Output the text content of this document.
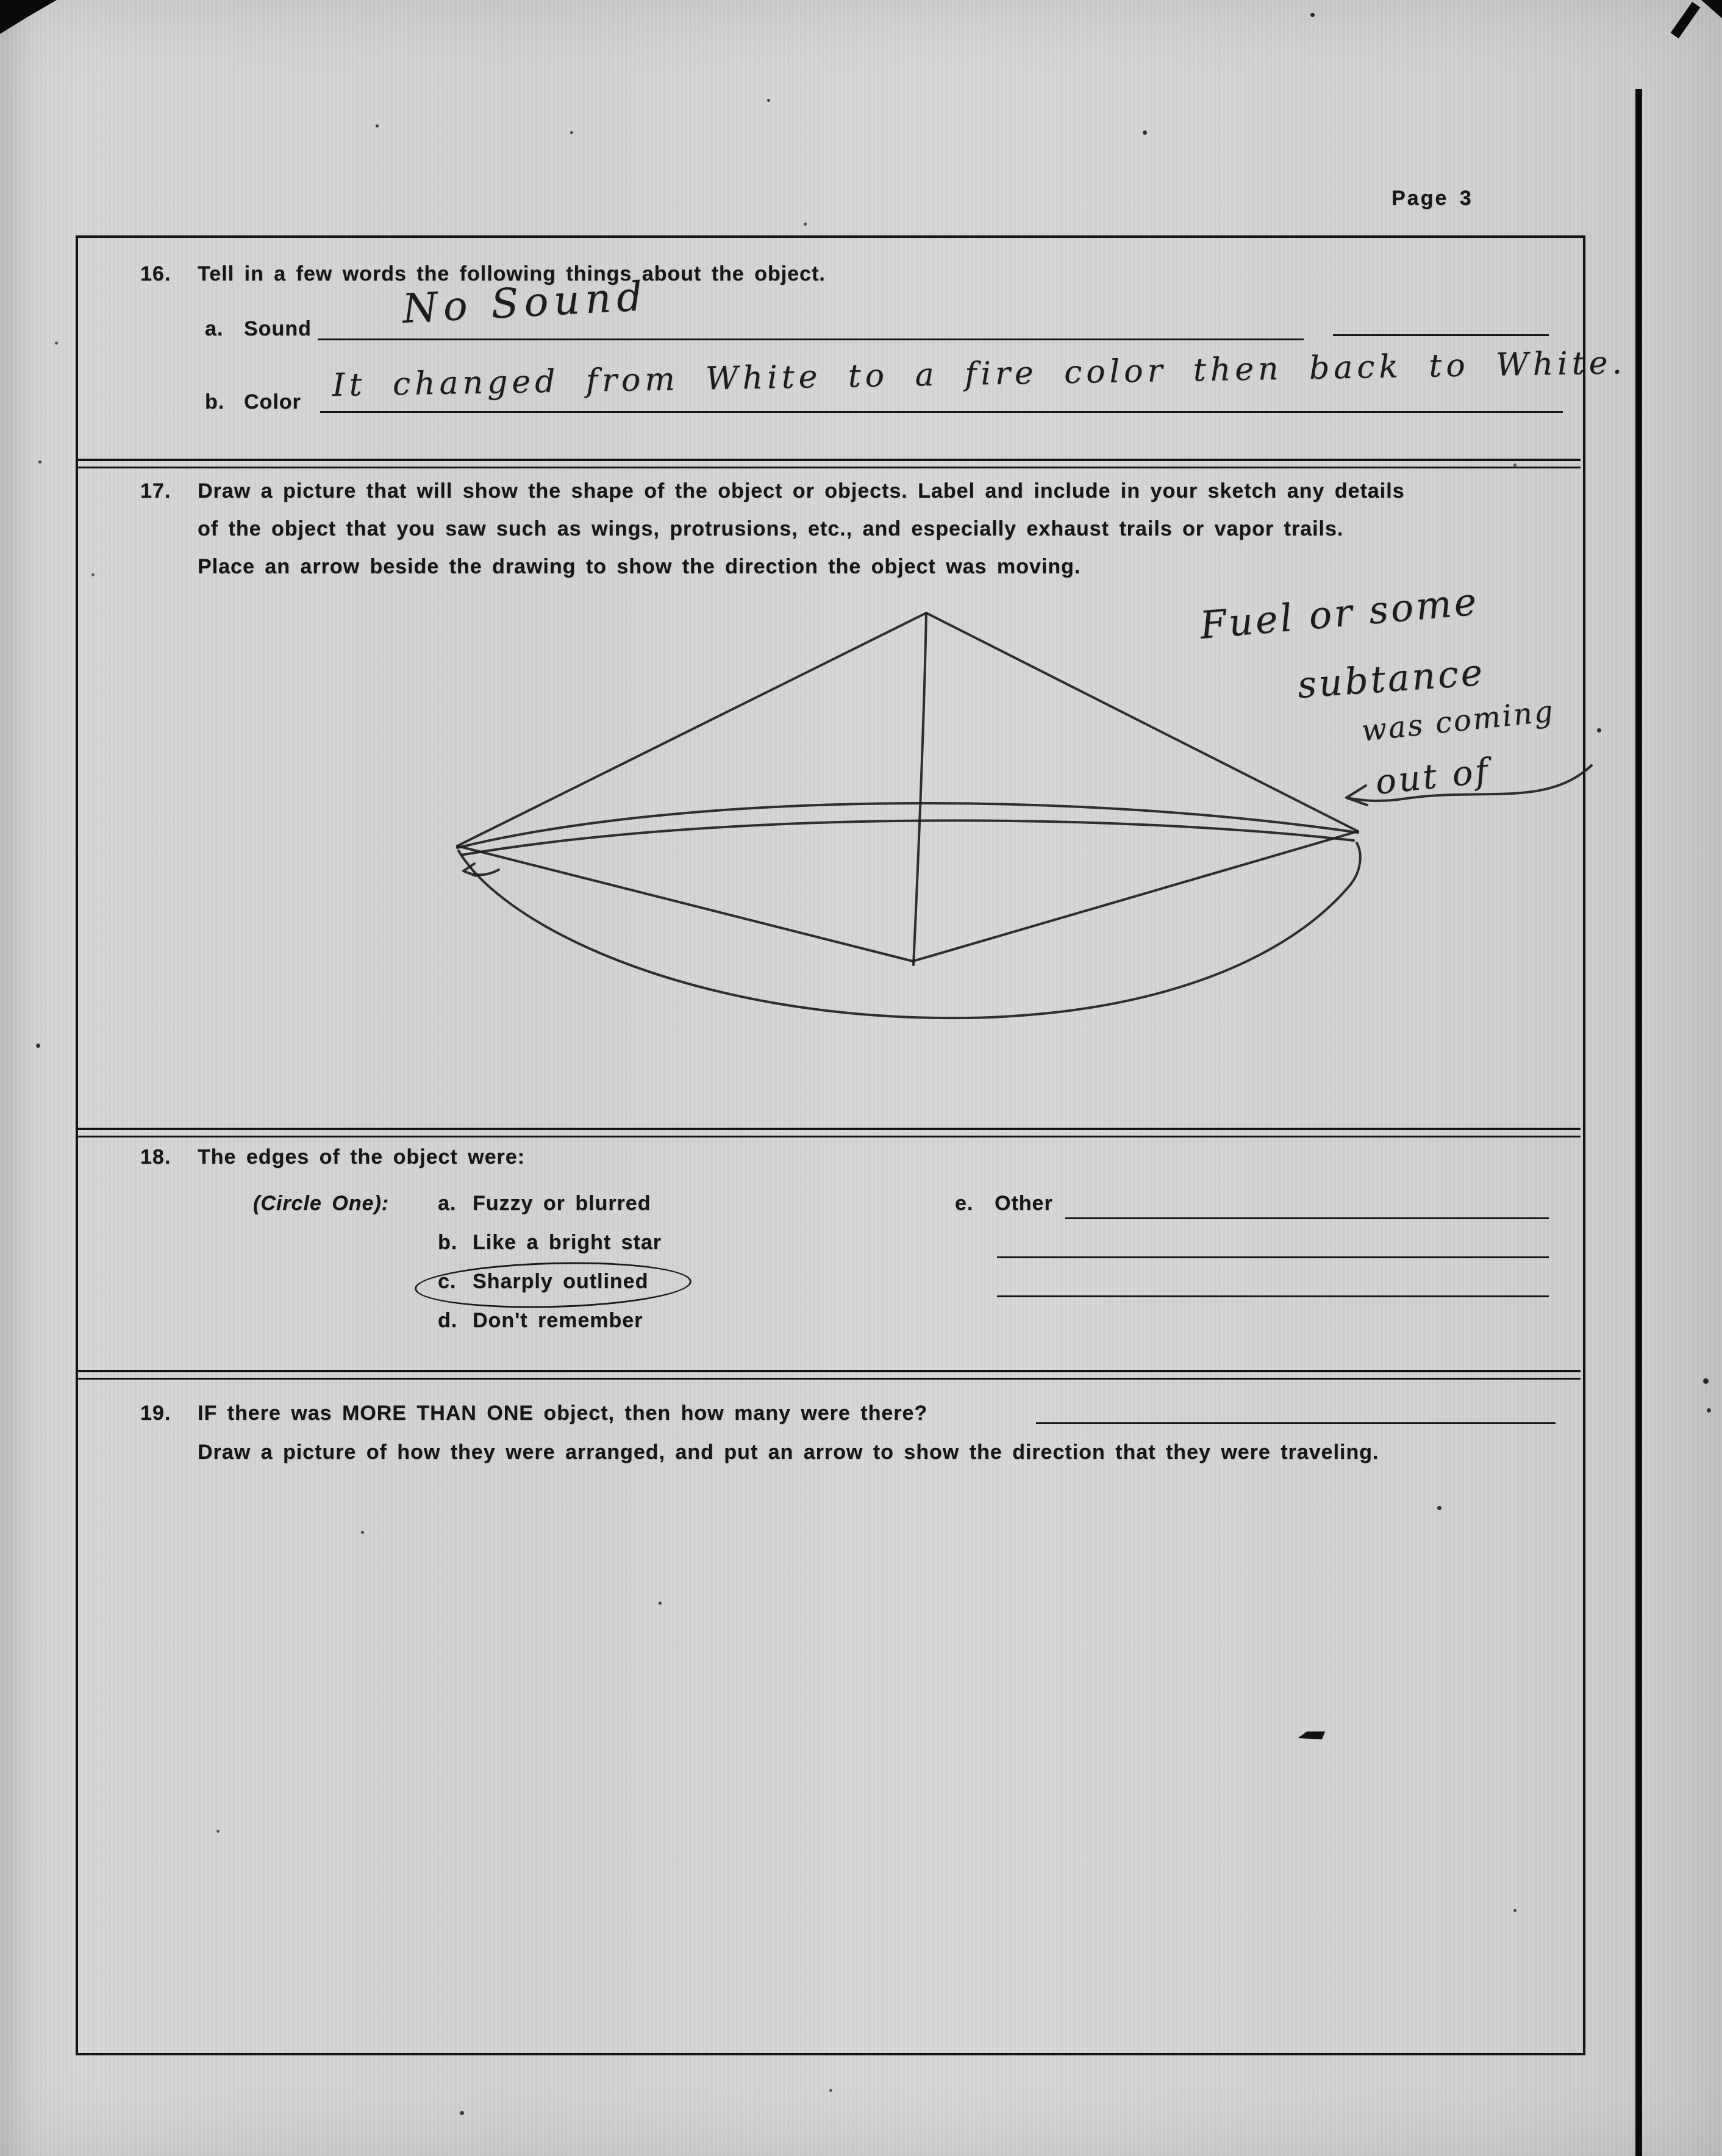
Page 3
16. Tell in a few words the following things about the object.
a. Sound No Sound
b. Color It changed from White to a fire color then back to White.
17. Draw a picture that will show the shape of the object or objects. Label and include in your sketch any details
of the object that you saw such as wings, protrusions, etc., and especially exhaust trails or vapor trails.
Place an arrow beside the drawing to show the direction the object was moving.
Fuel or some
subtance
was coming
out of
18. The edges of the object were:
(Circle One): a. Fuzzy or blurred
b. Like a bright star
c. Sharply outlined
d. Don't remember
e. Other
19. IF there was MORE THAN ONE object, then how many were there?
Draw a picture of how they were arranged, and put an arrow to show the direction that they were traveling.
